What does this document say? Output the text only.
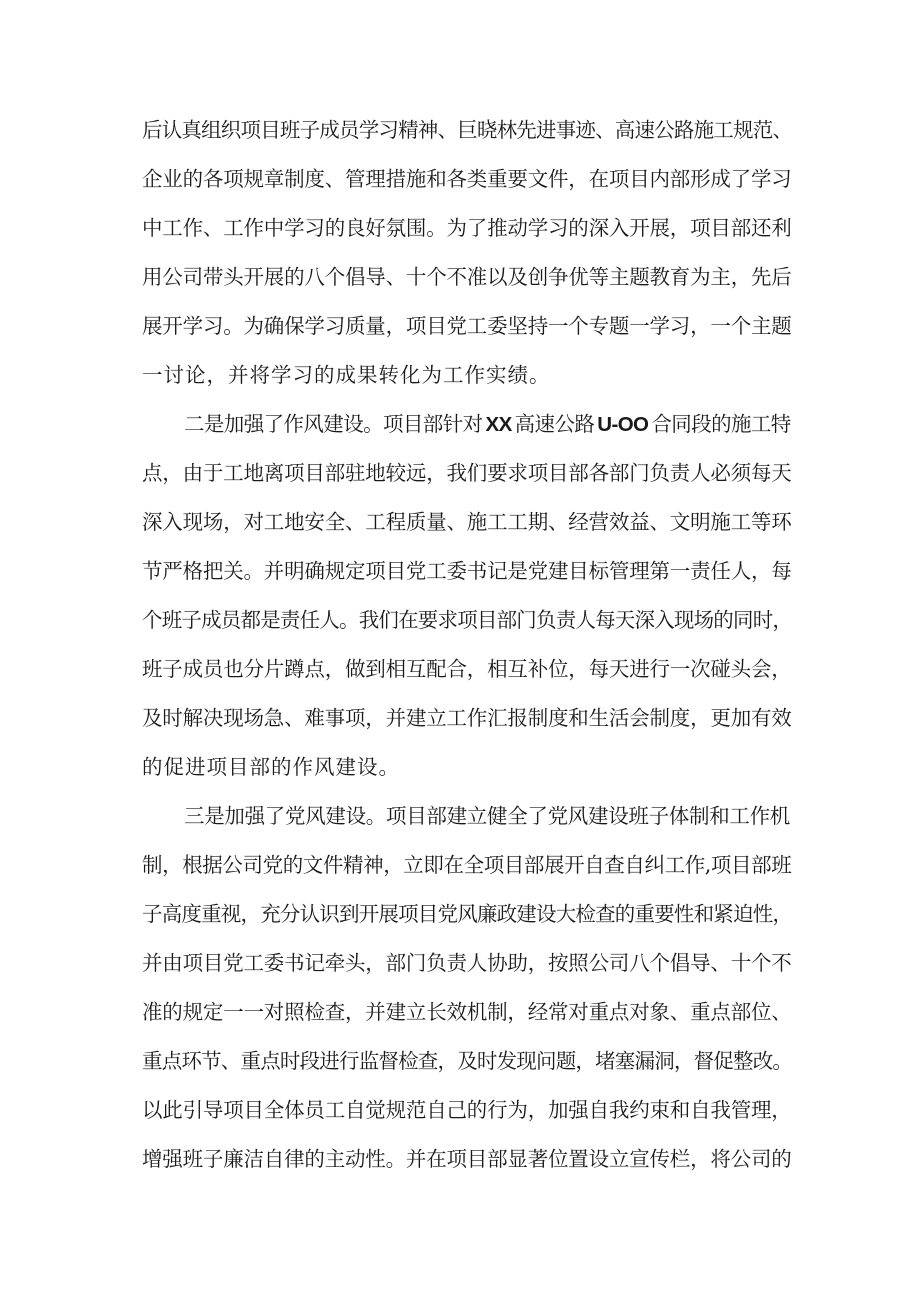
后认真组织项目班子成员学习精神、巨晓林先进事迹、高速公路施工规范、
企业的各项规章制度、管理措施和各类重要文件，在项目内部形成了学习
中工作、工作中学习的良好氛围。为了推动学习的深入开展，项目部还利
用公司带头开展的八个倡导、十个不准以及创争优等主题教育为主，先后
展开学习。为确保学习质量，项目党工委坚持一个专题一学习，一个主题
一讨论，并将学习的成果转化为工作实绩。
二是加强了作风建设。项目部针对 XX 高速公路 U-OO 合同段的施工特
点，由于工地离项目部驻地较远，我们要求项目部各部门负责人必须每天
深入现场，对工地安全、工程质量、施工工期、经营效益、文明施工等环
节严格把关。并明确规定项目党工委书记是党建目标管理第一责任人，每
个班子成员都是责任人。我们在要求项目部门负责人每天深入现场的同时，
班子成员也分片蹲点，做到相互配合，相互补位，每天进行一次碰头会，
及时解决现场急、难事项，并建立工作汇报制度和生活会制度，更加有效
的促进项目部的作风建设。
三是加强了党风建设。项目部建立健全了党风建设班子体制和工作机
制，根据公司党的文件精神，立即在全项目部展开自查自纠工作,项目部班
子高度重视，充分认识到开展项目党风廉政建设大检查的重要性和紧迫性，
并由项目党工委书记牵头，部门负责人协助，按照公司八个倡导、十个不
准的规定一一对照检查，并建立长效机制，经常对重点对象、重点部位、
重点环节、重点时段进行监督检查，及时发现问题，堵塞漏洞，督促整改。
以此引导项目全体员工自觉规范自己的行为，加强自我约束和自我管理，
增强班子廉洁自律的主动性。并在项目部显著位置设立宣传栏，将公司的
